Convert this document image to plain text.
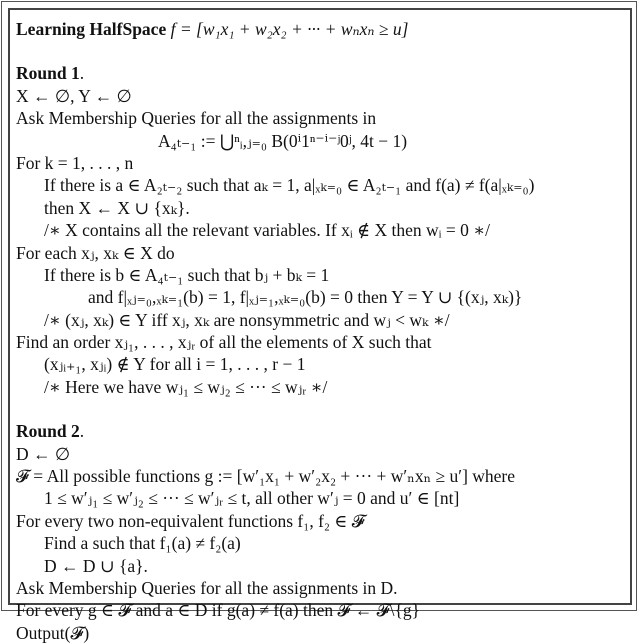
Learning HalfSpace f = [w₁x₁ + w₂x₂ + ··· + wₙxₙ ≥ u]
Round 1.
X ← ∅, Y ← ∅
Ask Membership Queries for all the assignments in
A₄ₜ₋₁ := ⋃ⁿᵢ,ⱼ₌₀ B(0ⁱ1ⁿ⁻ⁱ⁻ʲ0ʲ, 4t − 1)
For k = 1, . . . , n
If there is a ∈ A₂ₜ₋₂ such that aₖ = 1, a|ₓₖ₌₀ ∈ A₂ₜ₋₁ and f(a) ≠ f(a|ₓₖ₌₀)
then X ← X ∪ {xₖ}.
/∗ X contains all the relevant variables. If xᵢ ∉ X then wᵢ = 0 ∗/
For each xⱼ, xₖ ∈ X do
If there is b ∈ A₄ₜ₋₁ such that bⱼ + bₖ = 1
and f|ₓⱼ₌₀,ₓₖ₌₁(b) = 1, f|ₓⱼ₌₁,ₓₖ₌₀(b) = 0 then Y = Y ∪ {(xⱼ, xₖ)}
/∗ (xⱼ, xₖ) ∈ Y iff xⱼ, xₖ are nonsymmetric and wⱼ < wₖ ∗/
Find an order xⱼ₁, . . . , xⱼᵣ of all the elements of X such that
(xⱼᵢ₊₁, xⱼᵢ) ∉ Y for all i = 1, . . . , r − 1
/∗ Here we have wⱼ₁ ≤ wⱼ₂ ≤ ··· ≤ wⱼᵣ ∗/
Round 2.
D ← ∅
𝓕 = All possible functions g := [w′₁x₁ + w′₂x₂ + ··· + w′ₙxₙ ≥ u′] where
1 ≤ w′ⱼ₁ ≤ w′ⱼ₂ ≤ ··· ≤ w′ⱼᵣ ≤ t, all other w′ⱼ = 0 and u′ ∈ [nt]
For every two non-equivalent functions f₁, f₂ ∈ 𝓕
Find a such that f₁(a) ≠ f₂(a)
D ← D ∪ {a}.
Ask Membership Queries for all the assignments in D.
For every g ∈ 𝓕 and a ∈ D if g(a) ≠ f(a) then 𝓕 ← 𝓕\{g}
Output(𝓕)
